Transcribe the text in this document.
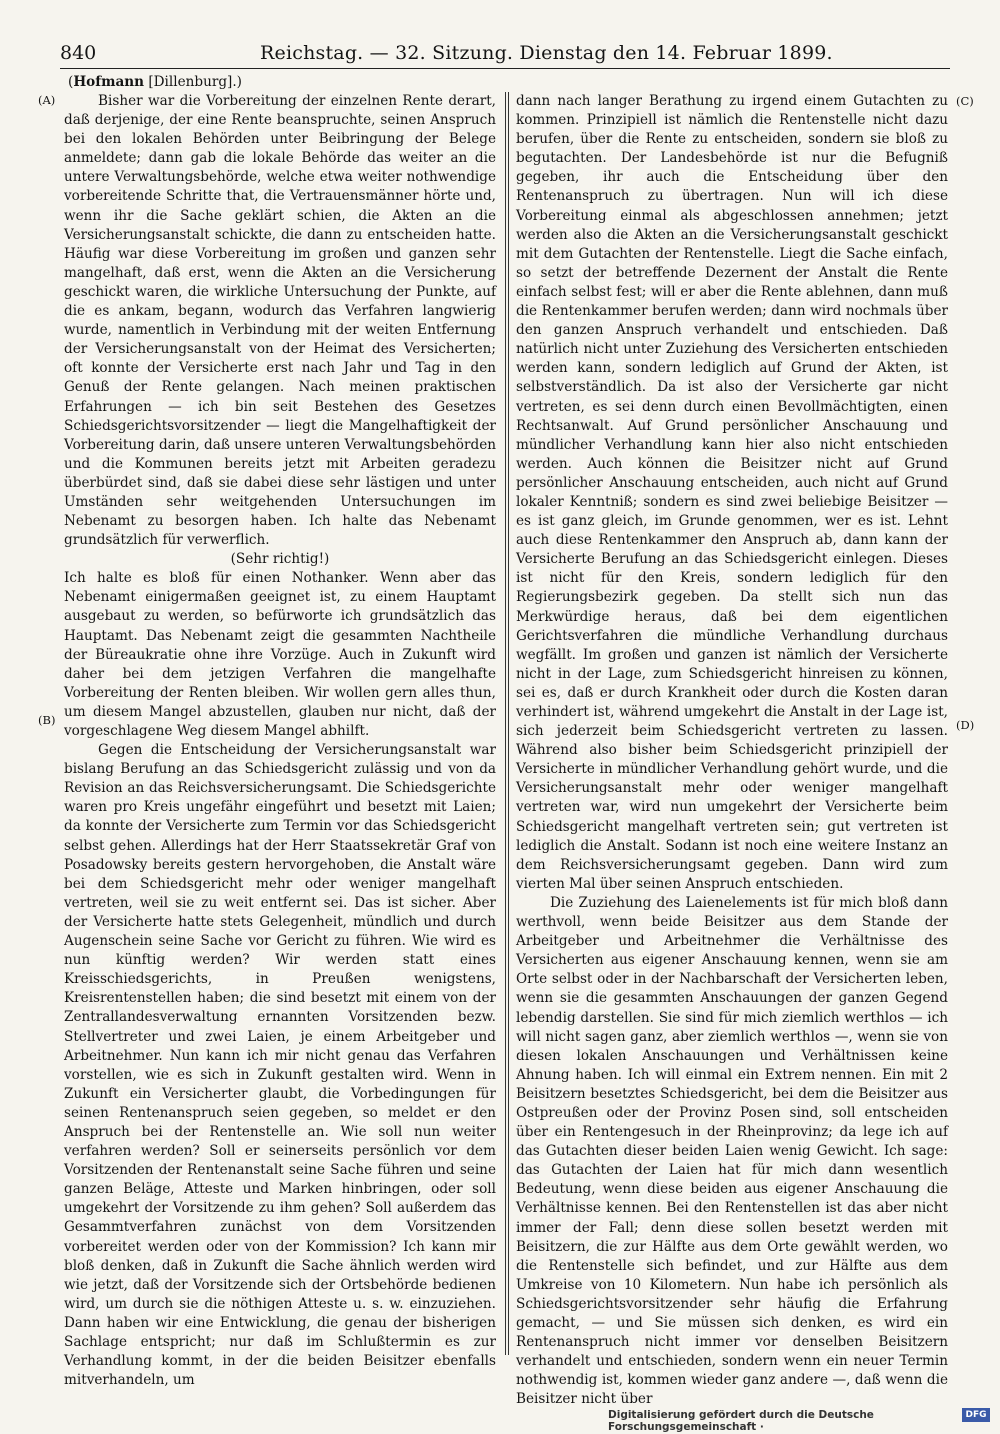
840	Reichstag. — 32. Sitzung. Dienstag den 14. Februar 1899.
(A)
(B)
(C)
(D)

(Hofmann [Dillenburg].)

Bisher war die Vorbereitung der einzelnen Rente derart, daß derjenige, der eine Rente beanspruchte, seinen Anspruch bei den lokalen Behörden unter Beibringung der Belege anmeldete; dann gab die lokale Behörde das weiter an die untere Verwaltungsbehörde, welche etwa weiter nothwendige vorbereitende Schritte that, die Vertrauensmänner hörte und, wenn ihr die Sache geklärt schien, die Akten an die Versicherungsanstalt schickte, die dann zu entscheiden hatte. Häufig war diese Vorbereitung im großen und ganzen sehr mangelhaft, daß erst, wenn die Akten an die Versicherung geschickt waren, die wirkliche Untersuchung der Punkte, auf die es ankam, begann, wodurch das Verfahren langwierig wurde, namentlich in Verbindung mit der weiten Entfernung der Versicherungsanstalt von der Heimat des Versicherten; oft konnte der Versicherte erst nach Jahr und Tag in den Genuß der Rente gelangen. Nach meinen praktischen Erfahrungen — ich bin seit Bestehen des Gesetzes Schiedsgerichtsvorsitzender — liegt die Mangelhaftigkeit der Vorbereitung darin, daß unsere unteren Verwaltungsbehörden und die Kommunen bereits jetzt mit Arbeiten geradezu überbürdet sind, daß sie dabei diese sehr lästigen und unter Umständen sehr weitgehenden Untersuchungen im Nebenamt zu besorgen haben. Ich halte das Nebenamt grundsätzlich für verwerflich.

(Sehr richtig!)

Ich halte es bloß für einen Nothanker. Wenn aber das Nebenamt einigermaßen geeignet ist, zu einem Hauptamt ausgebaut zu werden, so befürworte ich grundsätzlich das Hauptamt. Das Nebenamt zeigt die gesammten Nachtheile der Büreaukratie ohne ihre Vorzüge. Auch in Zukunft wird daher bei dem jetzigen Verfahren die mangelhafte Vorbereitung der Renten bleiben. Wir wollen gern alles thun, um diesem Mangel abzustellen, glauben nur nicht, daß der vorgeschlagene Weg diesem Mangel abhilft.

Gegen die Entscheidung der Versicherungsanstalt war bislang Berufung an das Schiedsgericht zulässig und von da Revision an das Reichsversicherungsamt. Die Schiedsgerichte waren pro Kreis ungefähr eingeführt und besetzt mit Laien; da konnte der Versicherte zum Termin vor das Schiedsgericht selbst gehen. Allerdings hat der Herr Staatssekretär Graf von Posadowsky bereits gestern hervorgehoben, die Anstalt wäre bei dem Schiedsgericht mehr oder weniger mangelhaft vertreten, weil sie zu weit entfernt sei. Das ist sicher. Aber der Versicherte hatte stets Gelegenheit, mündlich und durch Augenschein seine Sache vor Gericht zu führen. Wie wird es nun künftig werden? Wir werden statt eines Kreisschiedsgerichts, in Preußen wenigstens, Kreisrentenstellen haben; die sind besetzt mit einem von der Zentrallandesverwaltung ernannten Vorsitzenden bezw. Stellvertreter und zwei Laien, je einem Arbeitgeber und Arbeitnehmer. Nun kann ich mir nicht genau das Verfahren vorstellen, wie es sich in Zukunft gestalten wird. Wenn in Zukunft ein Versicherter glaubt, die Vorbedingungen für seinen Rentenanspruch seien gegeben, so meldet er den Anspruch bei der Rentenstelle an. Wie soll nun weiter verfahren werden? Soll er seinerseits persönlich vor dem Vorsitzenden der Rentenanstalt seine Sache führen und seine ganzen Beläge, Atteste und Marken hinbringen, oder soll umgekehrt der Vorsitzende zu ihm gehen? Soll außerdem das Gesammtverfahren zunächst von dem Vorsitzenden vorbereitet werden oder von der Kommission? Ich kann mir bloß denken, daß in Zukunft die Sache ähnlich werden wird wie jetzt, daß der Vorsitzende sich der Ortsbehörde bedienen wird, um durch sie die nöthigen Atteste u. s. w. einzuziehen. Dann haben wir eine Entwicklung, die genau der bisherigen Sachlage entspricht; nur daß im Schlußtermin es zur Verhandlung kommt, in der die beiden Beisitzer ebenfalls mitverhandeln, um

dann nach langer Berathung zu irgend einem Gutachten zu kommen. Prinzipiell ist nämlich die Rentenstelle nicht dazu berufen, über die Rente zu entscheiden, sondern sie bloß zu begutachten. Der Landesbehörde ist nur die Befugniß gegeben, ihr auch die Entscheidung über den Rentenanspruch zu übertragen. Nun will ich diese Vorbereitung einmal als abgeschlossen annehmen; jetzt werden also die Akten an die Versicherungsanstalt geschickt mit dem Gutachten der Rentenstelle. Liegt die Sache einfach, so setzt der betreffende Dezernent der Anstalt die Rente einfach selbst fest; will er aber die Rente ablehnen, dann muß die Rentenkammer berufen werden; dann wird nochmals über den ganzen Anspruch verhandelt und entschieden. Daß natürlich nicht unter Zuziehung des Versicherten entschieden werden kann, sondern lediglich auf Grund der Akten, ist selbstverständlich. Da ist also der Versicherte gar nicht vertreten, es sei denn durch einen Bevollmächtigten, einen Rechtsanwalt. Auf Grund persönlicher Anschauung und mündlicher Verhandlung kann hier also nicht entschieden werden. Auch können die Beisitzer nicht auf Grund persönlicher Anschauung entscheiden, auch nicht auf Grund lokaler Kenntniß; sondern es sind zwei beliebige Beisitzer — es ist ganz gleich, im Grunde genommen, wer es ist. Lehnt auch diese Rentenkammer den Anspruch ab, dann kann der Versicherte Berufung an das Schiedsgericht einlegen. Dieses ist nicht für den Kreis, sondern lediglich für den Regierungsbezirk gegeben. Da stellt sich nun das Merkwürdige heraus, daß bei dem eigentlichen Gerichtsverfahren die mündliche Verhandlung durchaus wegfällt. Im großen und ganzen ist nämlich der Versicherte nicht in der Lage, zum Schiedsgericht hinreisen zu können, sei es, daß er durch Krankheit oder durch die Kosten daran verhindert ist, während umgekehrt die Anstalt in der Lage ist, sich jederzeit beim Schiedsgericht vertreten zu lassen. Während also bisher beim Schiedsgericht prinzipiell der Versicherte in mündlicher Verhandlung gehört wurde, und die Versicherungsanstalt mehr oder weniger mangelhaft vertreten war, wird nun umgekehrt der Versicherte beim Schiedsgericht mangelhaft vertreten sein; gut vertreten ist lediglich die Anstalt. Sodann ist noch eine weitere Instanz an dem Reichsversicherungsamt gegeben. Dann wird zum vierten Mal über seinen Anspruch entschieden.

Die Zuziehung des Laienelements ist für mich bloß dann werthvoll, wenn beide Beisitzer aus dem Stande der Arbeitgeber und Arbeitnehmer die Verhältnisse des Versicherten aus eigener Anschauung kennen, wenn sie am Orte selbst oder in der Nachbarschaft der Versicherten leben, wenn sie die gesammten Anschauungen der ganzen Gegend lebendig darstellen. Sie sind für mich ziemlich werthlos — ich will nicht sagen ganz, aber ziemlich werthlos —, wenn sie von diesen lokalen Anschauungen und Verhältnissen keine Ahnung haben. Ich will einmal ein Extrem nennen. Ein mit 2 Beisitzern besetztes Schiedsgericht, bei dem die Beisitzer aus Ostpreußen oder der Provinz Posen sind, soll entscheiden über ein Rentengesuch in der Rheinprovinz; da lege ich auf das Gutachten dieser beiden Laien wenig Gewicht. Ich sage: das Gutachten der Laien hat für mich dann wesentlich Bedeutung, wenn diese beiden aus eigener Anschauung die Verhältnisse kennen. Bei den Rentenstellen ist das aber nicht immer der Fall; denn diese sollen besetzt werden mit Beisitzern, die zur Hälfte aus dem Orte gewählt werden, wo die Rentenstelle sich befindet, und zur Hälfte aus dem Umkreise von 10 Kilometern. Nun habe ich persönlich als Schiedsgerichtsvorsitzender sehr häufig die Erfahrung gemacht, — und Sie müssen sich denken, es wird ein Rentenanspruch nicht immer vor denselben Beisitzern verhandelt und entschieden, sondern wenn ein neuer Termin nothwendig ist, kommen wieder ganz andere —, daß wenn die Beisitzer nicht über

Digitalisierung gefördert durch die Deutsche Forschungsgemeinschaft ·
DFG
